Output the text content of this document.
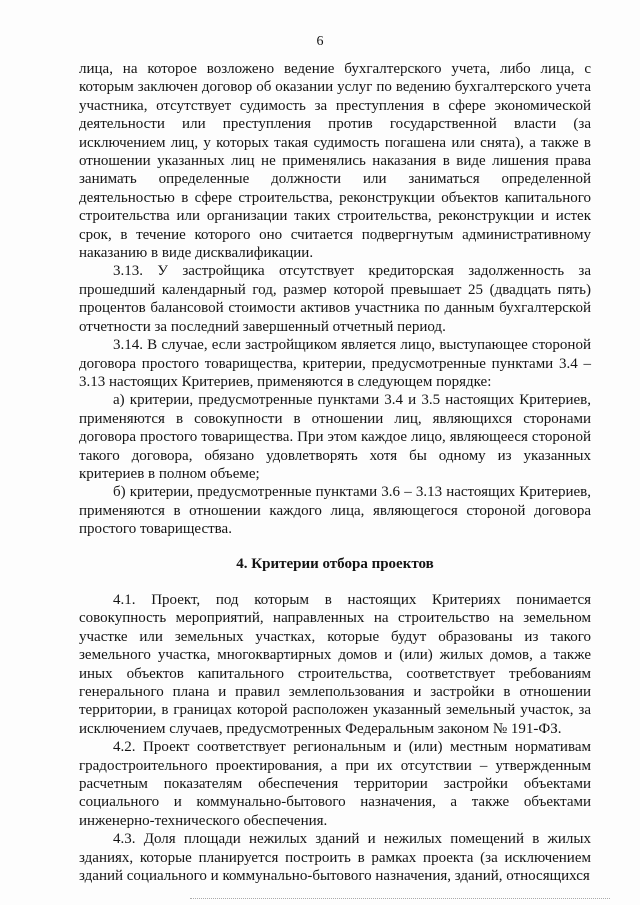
6

лица, на которое возложено ведение бухгалтерского учета, либо лица, с которым заключен договор об оказании услуг по ведению бухгалтерского учета участника, отсутствует судимость за преступления в сфере экономической деятельности или преступления против государственной власти (за исключением лиц, у которых такая судимость погашена или снята), а также в отношении указанных лиц не применялись наказания в виде лишения права занимать определенные должности или заниматься определенной деятельностью в сфере строительства, реконструкции объектов капитального строительства или организации таких строительства, реконструкции и истек срок, в течение которого оно считается подвергнутым административному наказанию в виде дисквалификации.

3.13. У застройщика отсутствует кредиторская задолженность за прошедший календарный год, размер которой превышает 25 (двадцать пять) процентов балансовой стоимости активов участника по данным бухгалтерской отчетности за последний завершенный отчетный период.

3.14. В случае, если застройщиком является лицо, выступающее стороной договора простого товарищества, критерии, предусмотренные пунктами 3.4 – 3.13 настоящих Критериев, применяются в следующем порядке:

а) критерии, предусмотренные пунктами 3.4 и 3.5 настоящих Критериев, применяются в совокупности в отношении лиц, являющихся сторонами договора простого товарищества. При этом каждое лицо, являющееся стороной такого договора, обязано удовлетворять хотя бы одному из указанных критериев в полном объеме;

б) критерии, предусмотренные пунктами 3.6 – 3.13 настоящих Критериев, применяются в отношении каждого лица, являющегося стороной договора простого товарищества.

4. Критерии отбора проектов

4.1. Проект, под которым в настоящих Критериях понимается совокупность мероприятий, направленных на строительство на земельном участке или земельных участках, которые будут образованы из такого земельного участка, многоквартирных домов и (или) жилых домов, а также иных объектов капитального строительства, соответствует требованиям генерального плана и правил землепользования и застройки в отношении территории, в границах которой расположен указанный земельный участок, за исключением случаев, предусмотренных Федеральным законом № 191-ФЗ.

4.2. Проект соответствует региональным и (или) местным нормативам градостроительного проектирования, а при их отсутствии – утвержденным расчетным показателям обеспечения территории застройки объектами социального и коммунально-бытового назначения, а также объектами инженерно-технического обеспечения.

4.3. Доля площади нежилых зданий и нежилых помещений в жилых зданиях, которые планируется построить в рамках проекта (за исключением зданий социального и коммунально-бытового назначения, зданий, относящихся
